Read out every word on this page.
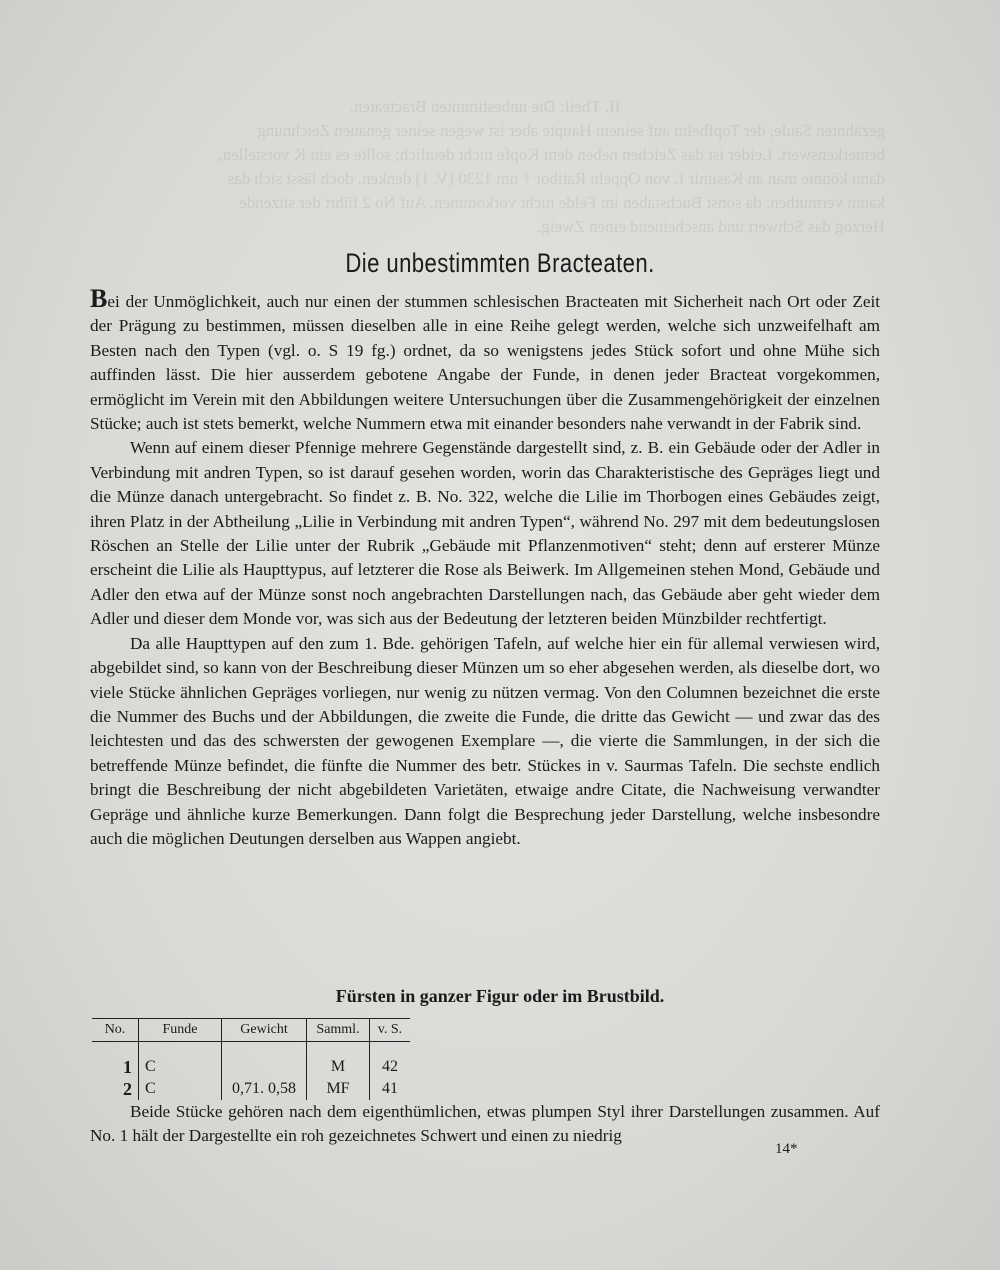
II. Theil: Die unbestimmten Bracteaten.

gezähnten Saule, der Topfhelm auf seinem Haupte aber ist wegen seiner genauen Zeichnung

bemerkenswert. Leider ist das Zeichen neben dem Kopfe nicht deutlich; sollte es ein K vorstellen,

dann könnte man an Kasimir I. von Oppeln Ratibor † um 1230 (V. 1) denken, doch lässt sich das

kaum vermuthen, da sonst Buchstaben im Felde nicht vorkommen. Auf No 2 führt der sitzende

Herzog das Schwert und anscheinend einen Zweig.

Die unbestimmten Bracteaten.

Bei der Unmöglichkeit, auch nur einen der stummen schlesischen Bracteaten mit Sicherheit nach Ort oder Zeit der Prägung zu bestimmen, müssen dieselben alle in eine Reihe gelegt werden, welche sich unzweifelhaft am Besten nach den Typen (vgl. o. S 19 fg.) ordnet, da so wenigstens jedes Stück sofort und ohne Mühe sich auffinden lässt. Die hier ausserdem gebotene Angabe der Funde, in denen jeder Bracteat vorgekommen, ermöglicht im Verein mit den Abbildungen weitere Untersuchungen über die Zusammengehörigkeit der einzelnen Stücke; auch ist stets bemerkt, welche Nummern etwa mit einander besonders nahe verwandt in der Fabrik sind.

Wenn auf einem dieser Pfennige mehrere Gegenstände dargestellt sind, z. B. ein Gebäude oder der Adler in Verbindung mit andren Typen, so ist darauf gesehen worden, worin das Charakteristische des Gepräges liegt und die Münze danach untergebracht. So findet z. B. No. 322, welche die Lilie im Thorbogen eines Gebäudes zeigt, ihren Platz in der Abtheilung „Lilie in Verbindung mit andren Typen“, während No. 297 mit dem bedeutungslosen Röschen an Stelle der Lilie unter der Rubrik „Gebäude mit Pflanzenmotiven“ steht; denn auf ersterer Münze erscheint die Lilie als Haupttypus, auf letzterer die Rose als Beiwerk. Im Allgemeinen stehen Mond, Gebäude und Adler den etwa auf der Münze sonst noch angebrachten Darstellungen nach, das Gebäude aber geht wieder dem Adler und dieser dem Monde vor, was sich aus der Bedeutung der letzteren beiden Münzbilder rechtfertigt.

Da alle Haupttypen auf den zum 1. Bde. gehörigen Tafeln, auf welche hier ein für allemal verwiesen wird, abgebildet sind, so kann von der Beschreibung dieser Münzen um so eher abgesehen werden, als dieselbe dort, wo viele Stücke ähnlichen Gepräges vorliegen, nur wenig zu nützen vermag. Von den Columnen bezeichnet die erste die Nummer des Buchs und der Abbildungen, die zweite die Funde, die dritte das Gewicht — und zwar das des leichtesten und das des schwersten der gewogenen Exemplare —, die vierte die Sammlungen, in der sich die betreffende Münze befindet, die fünfte die Nummer des betr. Stückes in v. Saurmas Tafeln. Die sechste endlich bringt die Beschreibung der nicht abgebildeten Varietäten, etwaige andre Citate, die Nachweisung verwandter Gepräge und ähnliche kurze Bemerkungen. Dann folgt die Besprechung jeder Darstellung, welche insbesondre auch die möglichen Deutungen derselben aus Wappen angiebt.

Fürsten in ganzer Figur oder im Brustbild.
No.	Funde	Gewicht	Samml.	v. S.

1	C		M	42
2	C	0,71. 0,58	MF	41

Beide Stücke gehören nach dem eigenthümlichen, etwas plumpen Styl ihrer Darstellungen zusammen. Auf No. 1 hält der Dargestellte ein roh gezeichnetes Schwert und einen zu niedrig

14*
